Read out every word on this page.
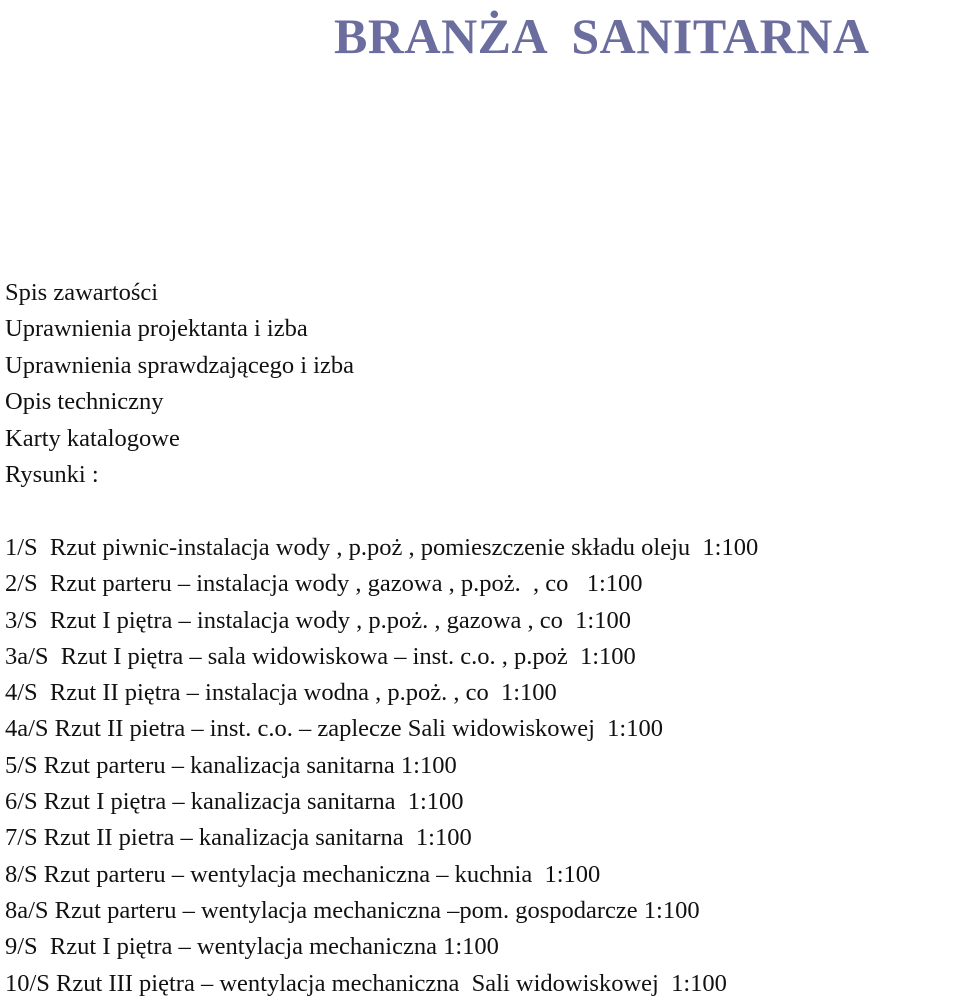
BRANŻA  SANITARNA
Spis zawartości
Uprawnienia projektanta i izba
Uprawnienia sprawdzającego i izba
Opis techniczny
Karty katalogowe
Rysunki :
1/S  Rzut piwnic-instalacja wody , p.poż , pomieszczenie składu oleju  1:100
2/S  Rzut parteru – instalacja wody , gazowa , p.poż.  , co   1:100
3/S  Rzut I piętra – instalacja wody , p.poż. , gazowa , co  1:100
3a/S  Rzut I piętra – sala widowiskowa – inst. c.o. , p.poż  1:100
4/S  Rzut II piętra – instalacja wodna , p.poż. , co  1:100
4a/S Rzut II pietra – inst. c.o. – zaplecze Sali widowiskowej  1:100
5/S Rzut parteru – kanalizacja sanitarna 1:100
6/S Rzut I piętra – kanalizacja sanitarna  1:100
7/S Rzut II pietra – kanalizacja sanitarna  1:100
8/S Rzut parteru – wentylacja mechaniczna – kuchnia  1:100
8a/S Rzut parteru – wentylacja mechaniczna –pom. gospodarcze 1:100
9/S  Rzut I piętra – wentylacja mechaniczna 1:100
10/S Rzut III piętra – wentylacja mechaniczna  Sali widowiskowej  1:100
